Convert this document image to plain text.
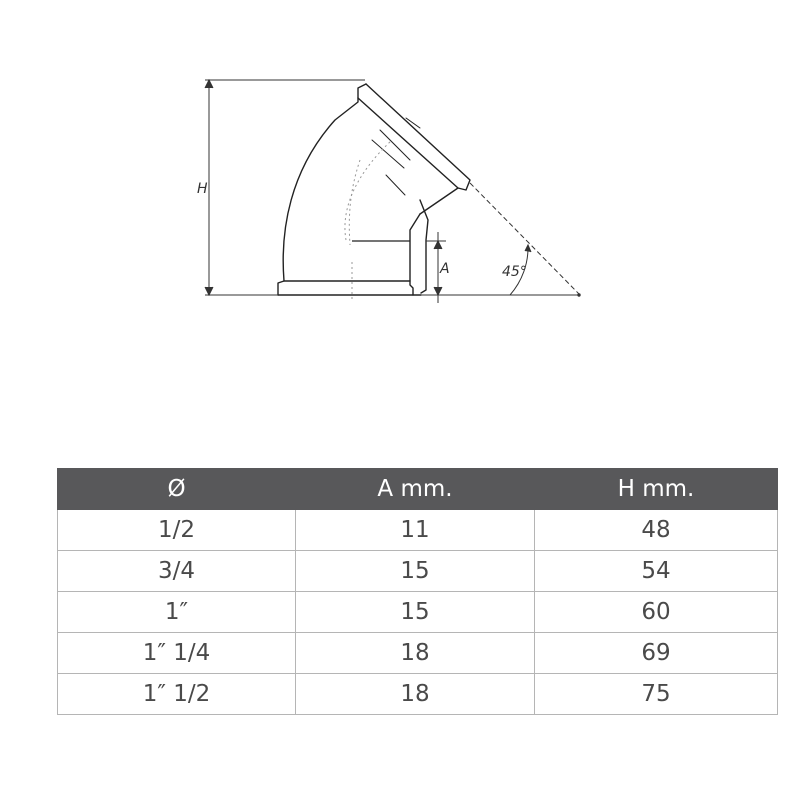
H
A	45°
Ø	A mm.	H mm.
1/2	11	48
3/4	15	54
1″	15	60
1″ 1/4	18	69
1″ 1/2	18	75
